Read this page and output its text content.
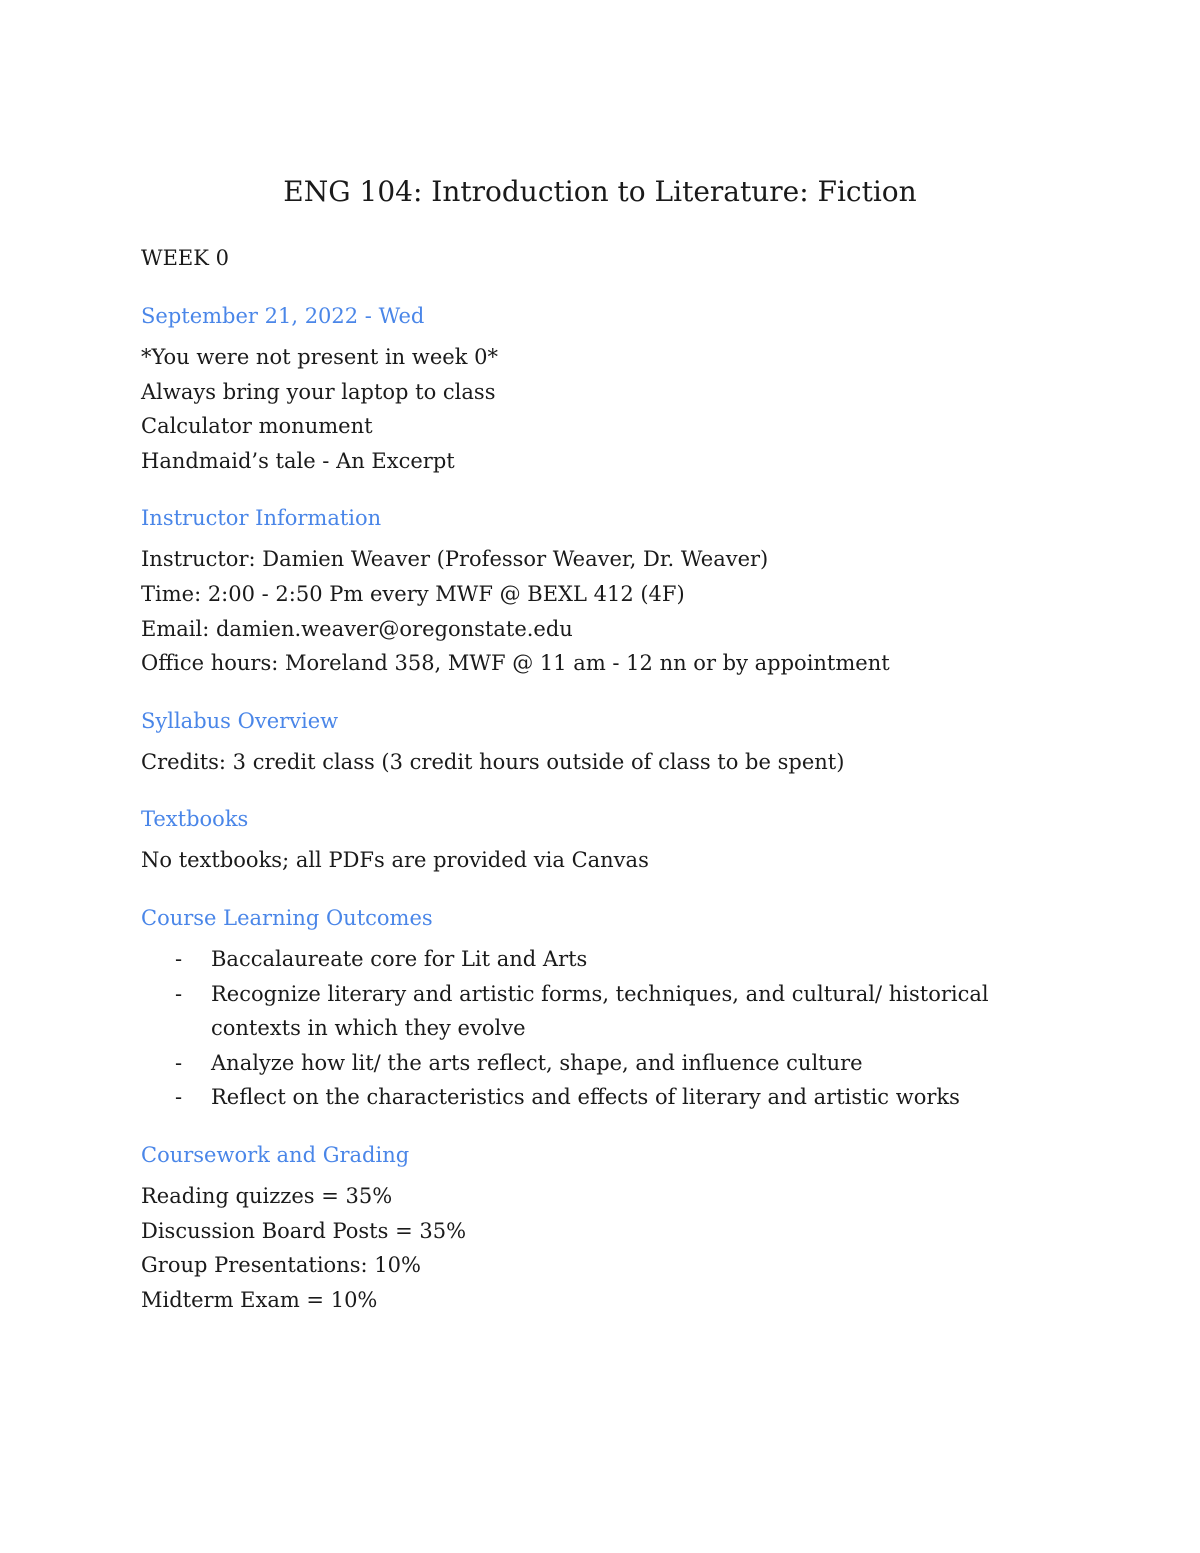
ENG 104: Introduction to Literature: Fiction

WEEK 0

September 21, 2022 - Wed

*You were not present in week 0*

Always bring your laptop to class

Calculator monument

Handmaid’s tale - An Excerpt

Instructor Information

Instructor: Damien Weaver (Professor Weaver, Dr. Weaver)

Time: 2:00 - 2:50 Pm every MWF @ BEXL 412 (4F)

Email: damien.weaver@oregonstate.edu

Office hours: Moreland 358, MWF @ 11 am - 12 nn or by appointment

Syllabus Overview

Credits: 3 credit class (3 credit hours outside of class to be spent)

Textbooks

No textbooks; all PDFs are provided via Canvas

Course Learning Outcomes
- Baccalaureate core for Lit and Arts
- Recognize literary and artistic forms, techniques, and cultural/ historical contexts in which they evolve
- Analyze how lit/ the arts reflect, shape, and influence culture
- Reflect on the characteristics and effects of literary and artistic works
Coursework and Grading

Reading quizzes = 35%

Discussion Board Posts = 35%

Group Presentations: 10%

Midterm Exam = 10%
